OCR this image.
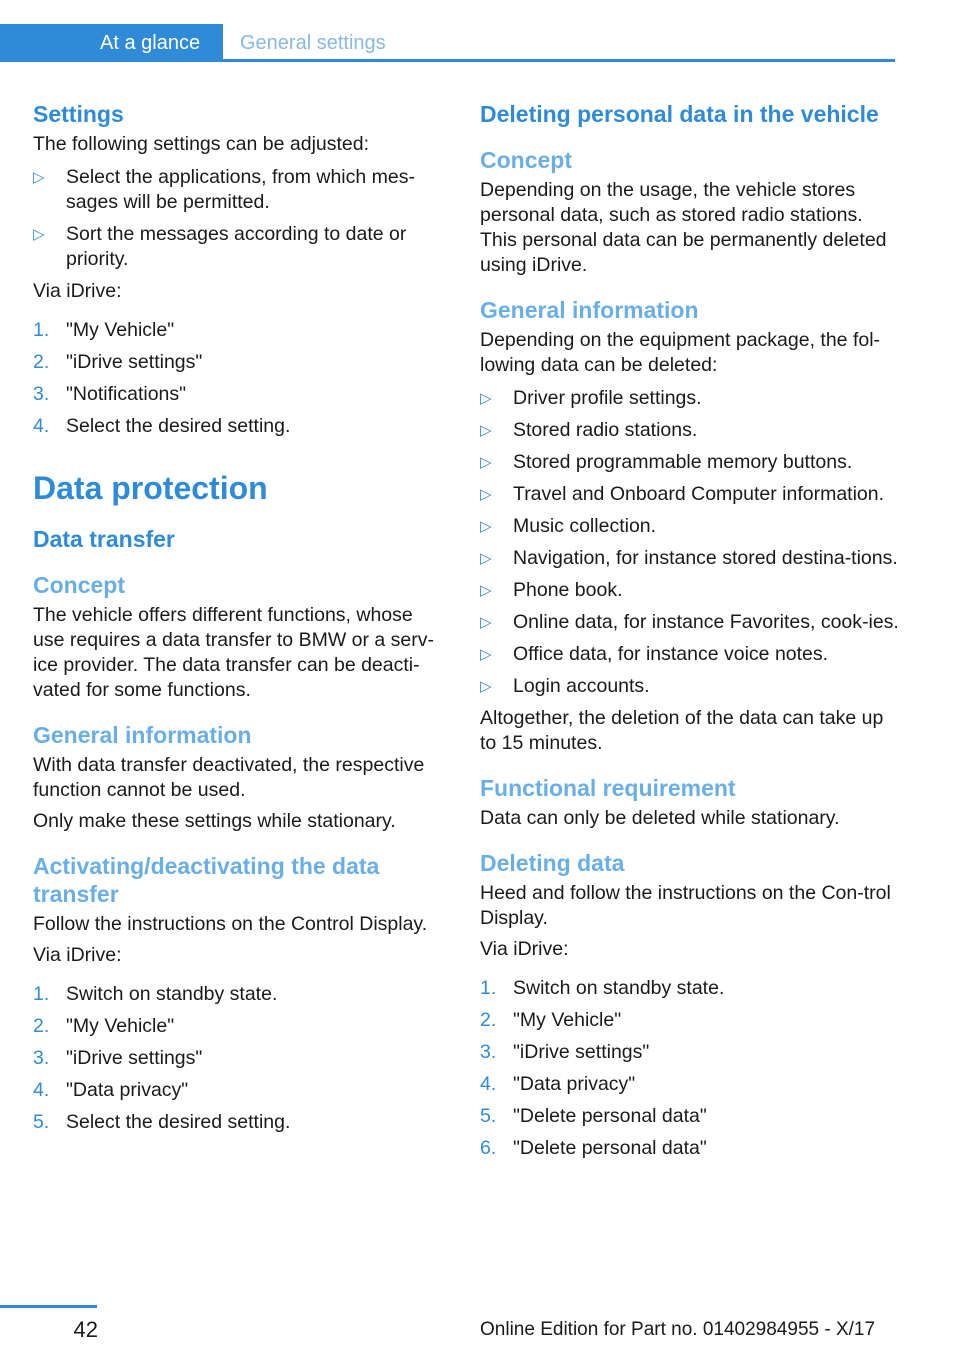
At a glance	General settings
Settings
The following settings can be adjusted:
▷ Select the applications, from which mes-sages will be permitted.
▷ Sort the messages according to date or priority.
Via iDrive:
1. "My Vehicle"
2. "iDrive settings"
3. "Notifications"
4. Select the desired setting.
Data protection
Data transfer
Concept
The vehicle offers different functions, whose use requires a data transfer to BMW or a serv-ice provider. The data transfer can be deacti-vated for some functions.
General information
With data transfer deactivated, the respective function cannot be used.
Only make these settings while stationary.
Activating/deactivating the data transfer
Follow the instructions on the Control Display.
Via iDrive:
1. Switch on standby state.
2. "My Vehicle"
3. "iDrive settings"
4. "Data privacy"
5. Select the desired setting.
Deleting personal data in the vehicle
Concept
Depending on the usage, the vehicle stores personal data, such as stored radio stations. This personal data can be permanently deleted using iDrive.
General information
Depending on the equipment package, the fol-lowing data can be deleted:
▷ Driver profile settings.
▷ Stored radio stations.
▷ Stored programmable memory buttons.
▷ Travel and Onboard Computer information.
▷ Music collection.
▷ Navigation, for instance stored destina-tions.
▷ Phone book.
▷ Online data, for instance Favorites, cook-ies.
▷ Office data, for instance voice notes.
▷ Login accounts.
Altogether, the deletion of the data can take up to 15 minutes.
Functional requirement
Data can only be deleted while stationary.
Deleting data
Heed and follow the instructions on the Con-trol Display.
Via iDrive:
1. Switch on standby state.
2. "My Vehicle"
3. "iDrive settings"
4. "Data privacy"
5. "Delete personal data"
6. "Delete personal data"
42	Online Edition for Part no. 01402984955 - X/17
